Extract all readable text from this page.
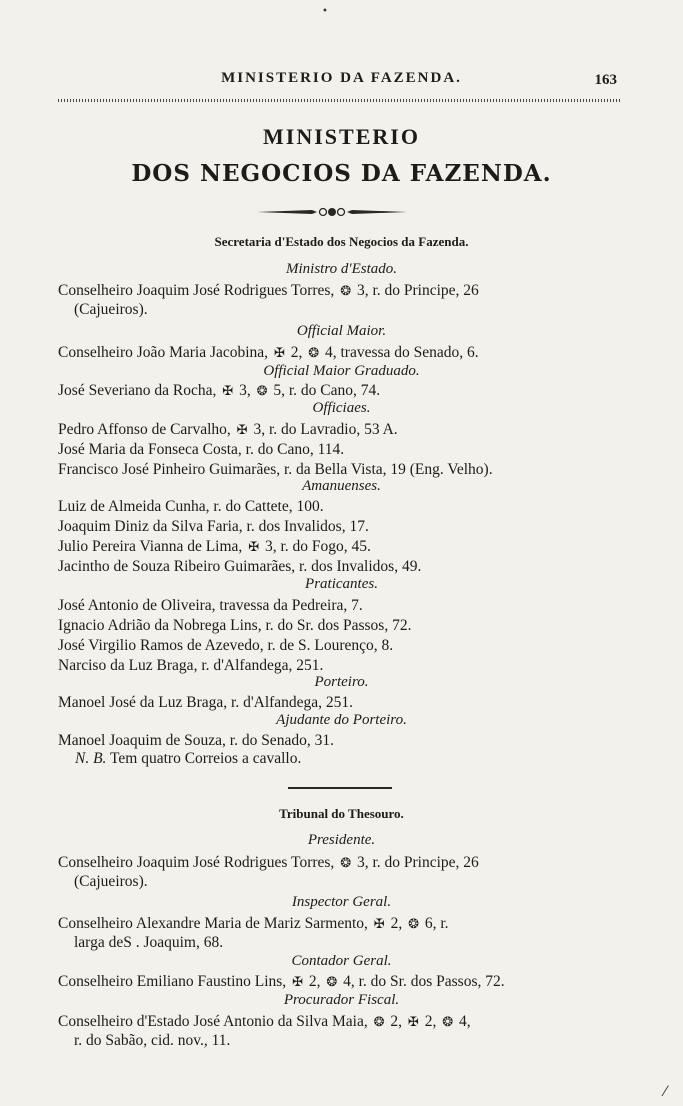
•
MINISTERIO DA FAZENDA.	163
MINISTERIO
DOS NEGOCIOS DA FAZENDA.
Secretaria d'Estado dos Negocios da Fazenda.
Ministro d'Estado.
Conselheiro Joaquim José Rodrigues Torres, ❂ 3, r. do Principe, 26
(Cajueiros).
Official Maior.
Conselheiro João Maria Jacobina, ✠ 2, ❂ 4, travessa do Senado, 6.
Official Maior Graduado.
José Severiano da Rocha, ✠ 3, ❂ 5, r. do Cano, 74.
Officiaes.
Pedro Affonso de Carvalho, ✠ 3, r. do Lavradio, 53 A.
José Maria da Fonseca Costa, r. do Cano, 114.
Francisco José Pinheiro Guimarães, r. da Bella Vista, 19 (Eng. Velho).
Amanuenses.
Luiz de Almeida Cunha, r. do Cattete, 100.
Joaquim Diniz da Silva Faria, r. dos Invalidos, 17.
Julio Pereira Vianna de Lima, ✠ 3, r. do Fogo, 45.
Jacintho de Souza Ribeiro Guimarães, r. dos Invalidos, 49.
Praticantes.
José Antonio de Oliveira, travessa da Pedreira, 7.
Ignacio Adrião da Nobrega Lins, r. do Sr. dos Passos, 72.
José Virgilio Ramos de Azevedo, r. de S. Lourenço, 8.
Narciso da Luz Braga, r. d'Alfandega, 251.
Porteiro.
Manoel José da Luz Braga, r. d'Alfandega, 251.
Ajudante do Porteiro.
Manoel Joaquim de Souza, r. do Senado, 31.
N. B. Tem quatro Correios a cavallo.
Tribunal do Thesouro.
Presidente.
Conselheiro Joaquim José Rodrigues Torres, ❂ 3, r. do Principe, 26
(Cajueiros).
Inspector Geral.
Conselheiro Alexandre Maria de Mariz Sarmento, ✠ 2, ❂ 6, r.
larga deS . Joaquim, 68.
Contador Geral.
Conselheiro Emiliano Faustino Lins, ✠ 2, ❂ 4, r. do Sr. dos Passos, 72.
Procurador Fiscal.
Conselheiro d'Estado José Antonio da Silva Maia, ❂ 2, ✠ 2, ❂ 4,
r. do Sabão, cid. nov., 11.
⁄
